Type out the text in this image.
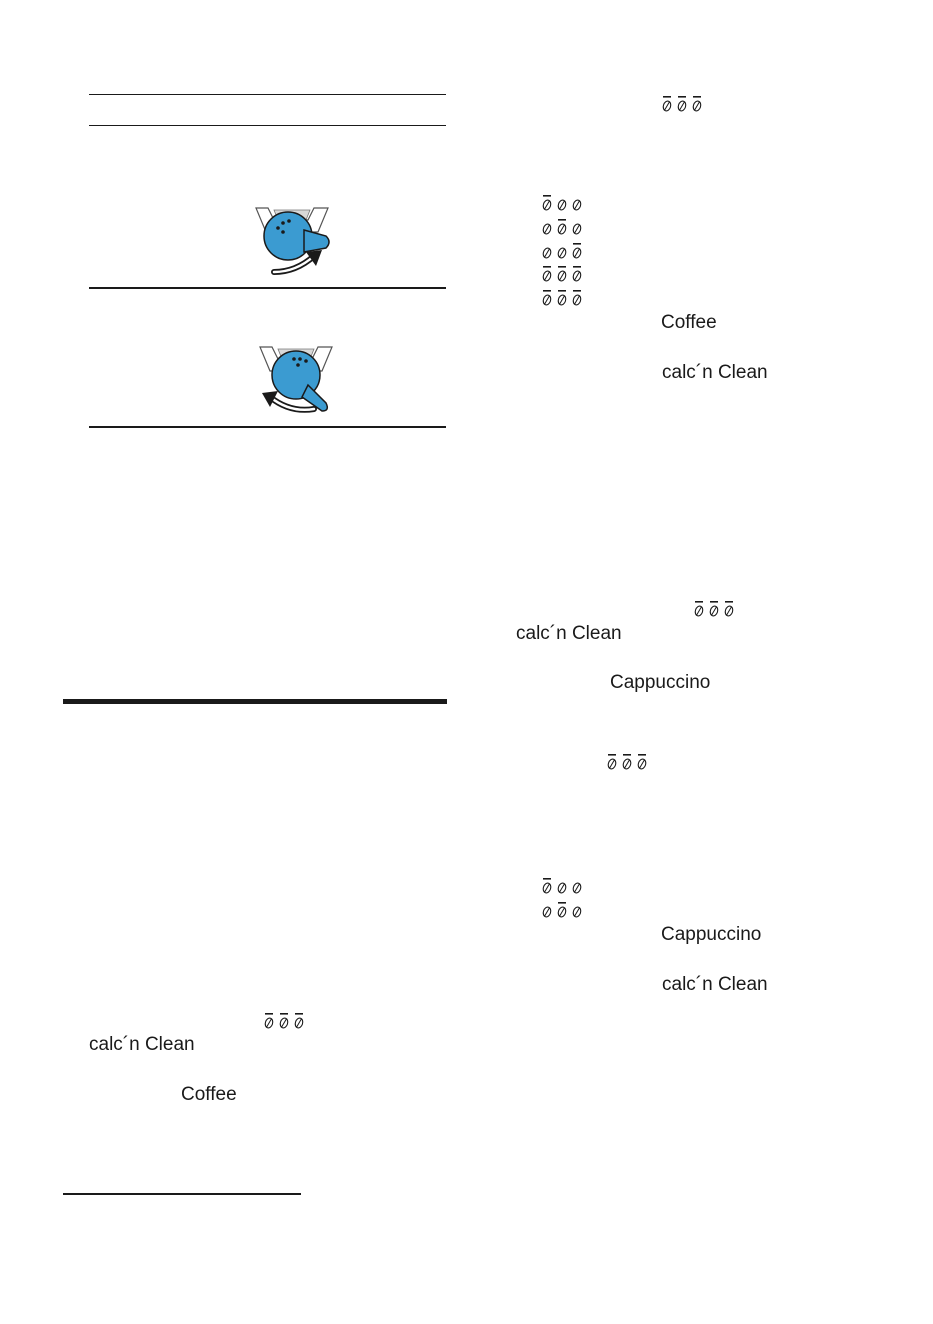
calc´n Clean
Coffee
Coffee
calc´n Clean
calc´n Clean
Cappuccino
Cappuccino
calc´n Clean
